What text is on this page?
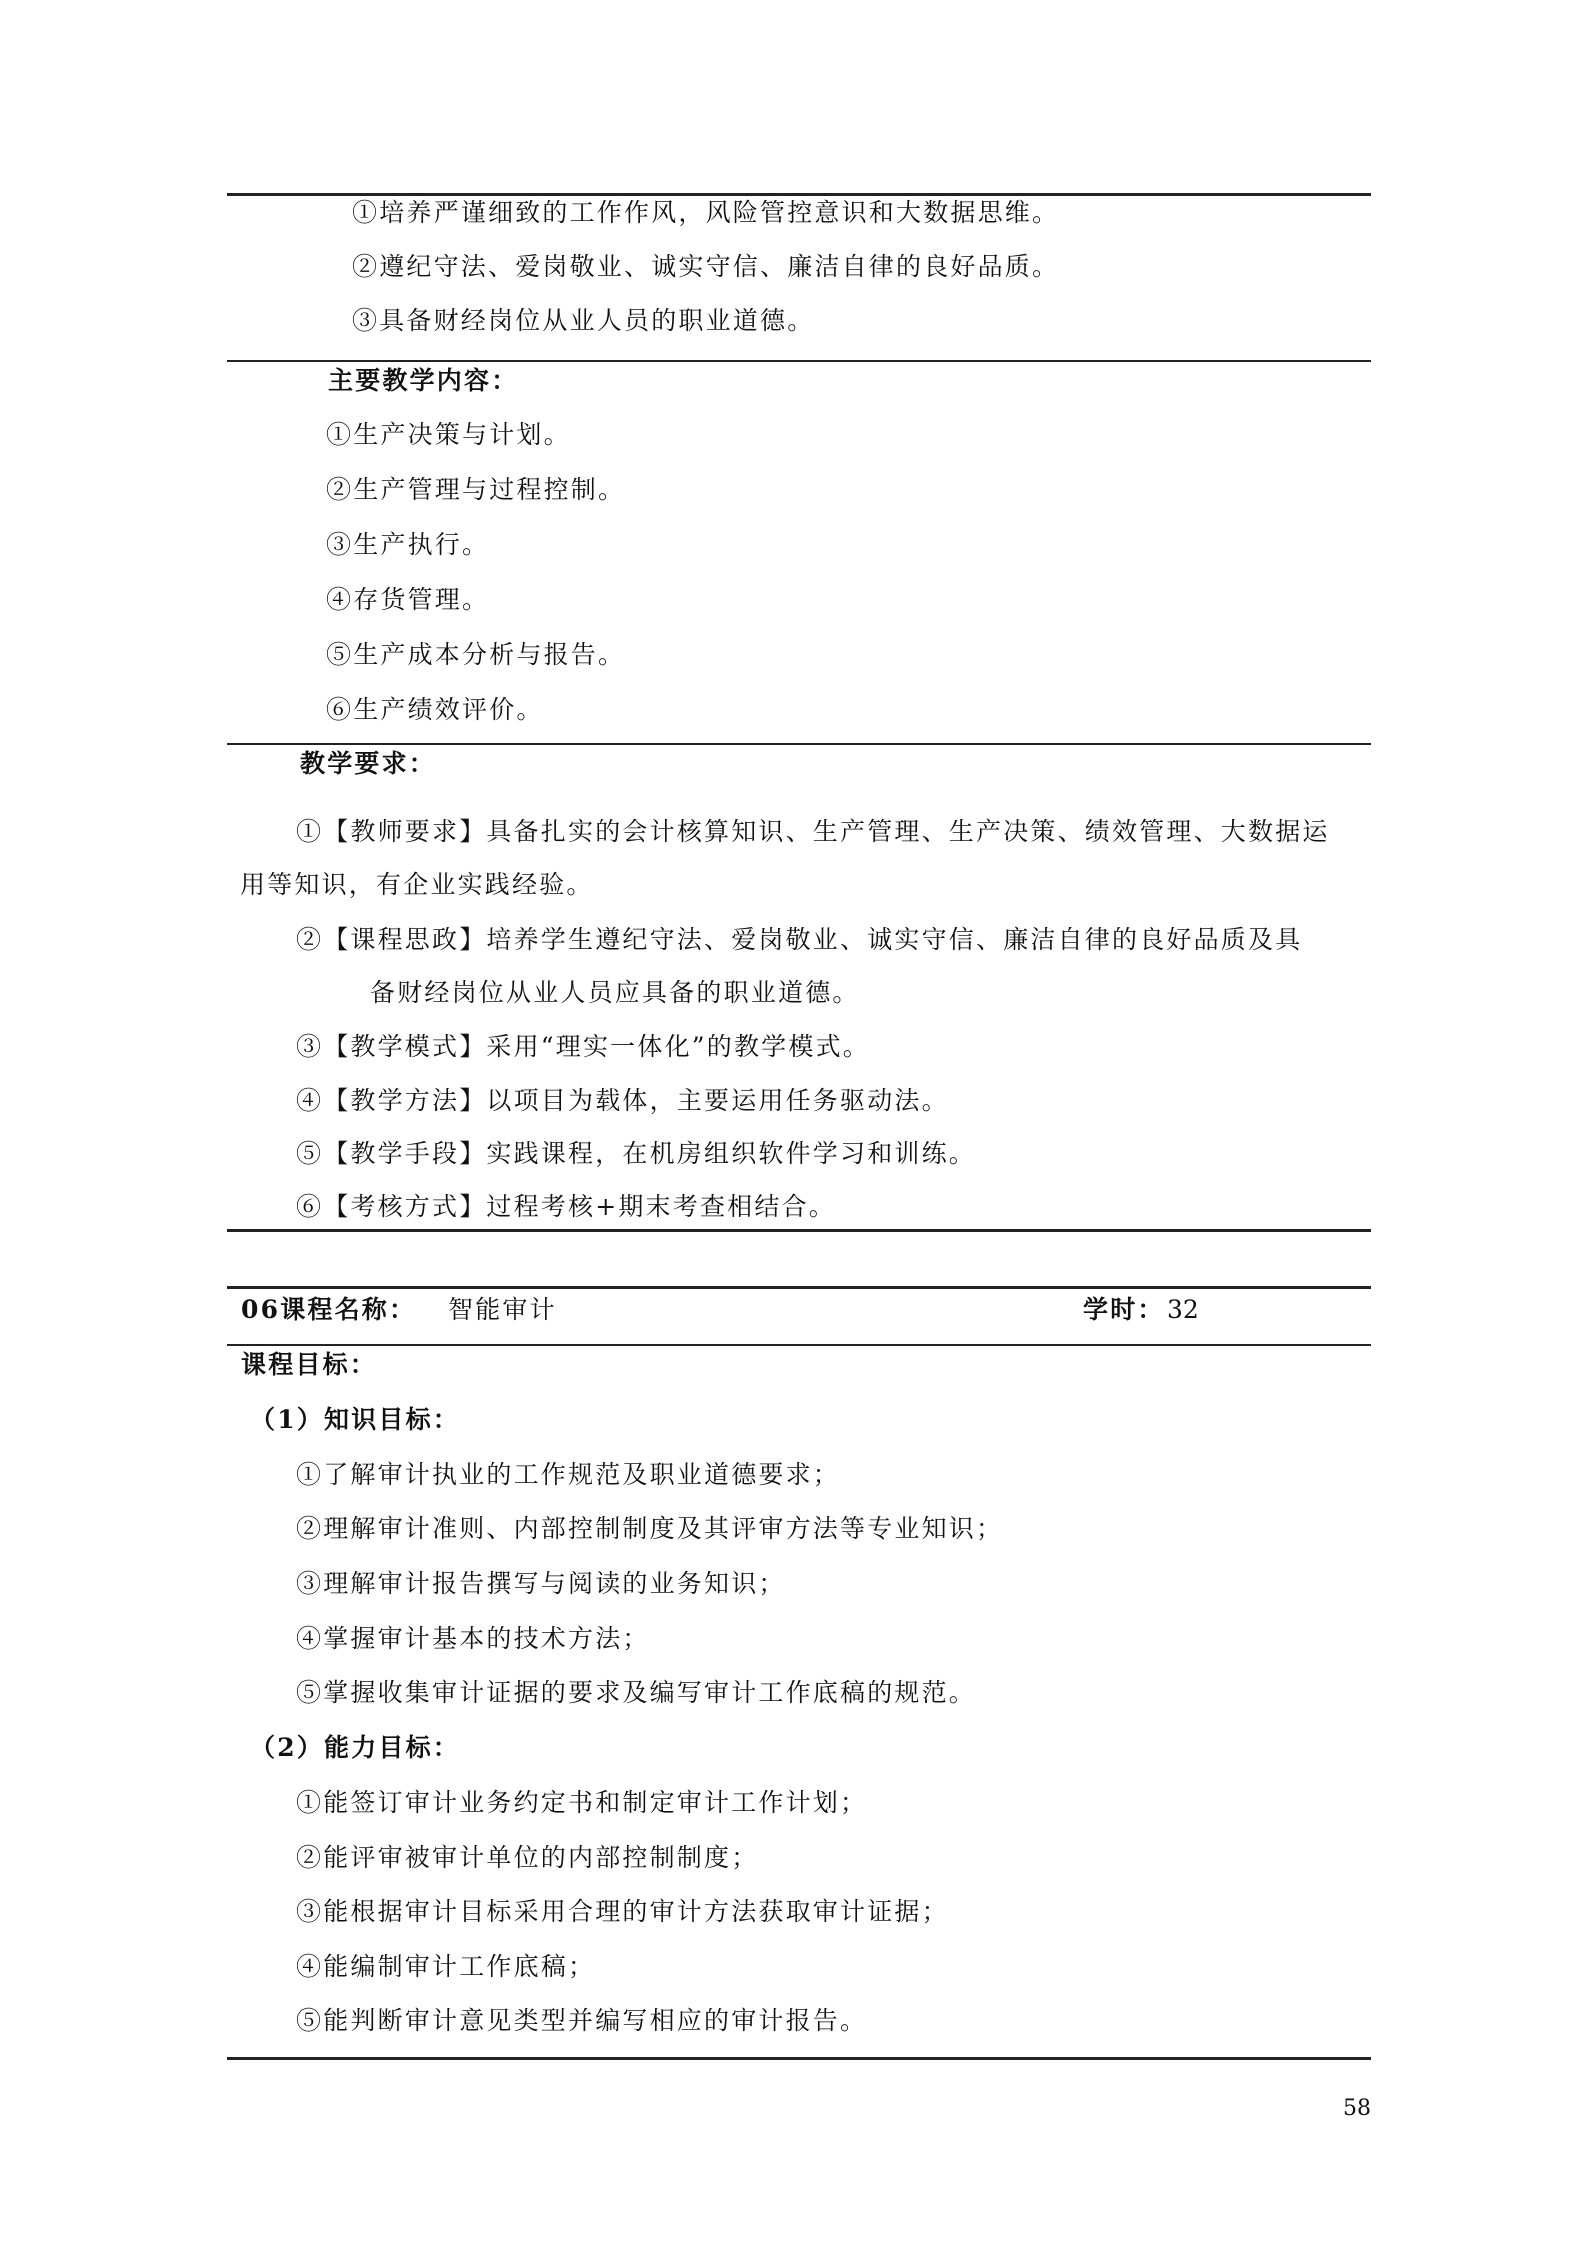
①培养严谨细致的工作作风，风险管控意识和大数据思维。
②遵纪守法、爱岗敬业、诚实守信、廉洁自律的良好品质。
③具备财经岗位从业人员的职业道德。
主要教学内容：
①生产决策与计划。
②生产管理与过程控制。
③生产执行。
④存货管理。
⑤生产成本分析与报告。
⑥生产绩效评价。
教学要求：
①【教师要求】具备扎实的会计核算知识、生产管理、生产决策、绩效管理、大数据运
用等知识，有企业实践经验。
②【课程思政】培养学生遵纪守法、爱岗敬业、诚实守信、廉洁自律的良好品质及具
备财经岗位从业人员应具备的职业道德。
③【教学模式】采用“理实一体化”的教学模式。
④【教学方法】以项目为载体，主要运用任务驱动法。
⑤【教学手段】实践课程，在机房组织软件学习和训练。
⑥【考核方式】过程考核+期末考查相结合。
06课程名称： 智能审计	学时： 32
课程目标：
（1）知识目标：
①了解审计执业的工作规范及职业道德要求；
②理解审计准则、内部控制制度及其评审方法等专业知识；
③理解审计报告撰写与阅读的业务知识；
④掌握审计基本的技术方法；
⑤掌握收集审计证据的要求及编写审计工作底稿的规范。
（2）能力目标：
①能签订审计业务约定书和制定审计工作计划；
②能评审被审计单位的内部控制制度；
③能根据审计目标采用合理的审计方法获取审计证据；
④能编制审计工作底稿；
⑤能判断审计意见类型并编写相应的审计报告。
58
